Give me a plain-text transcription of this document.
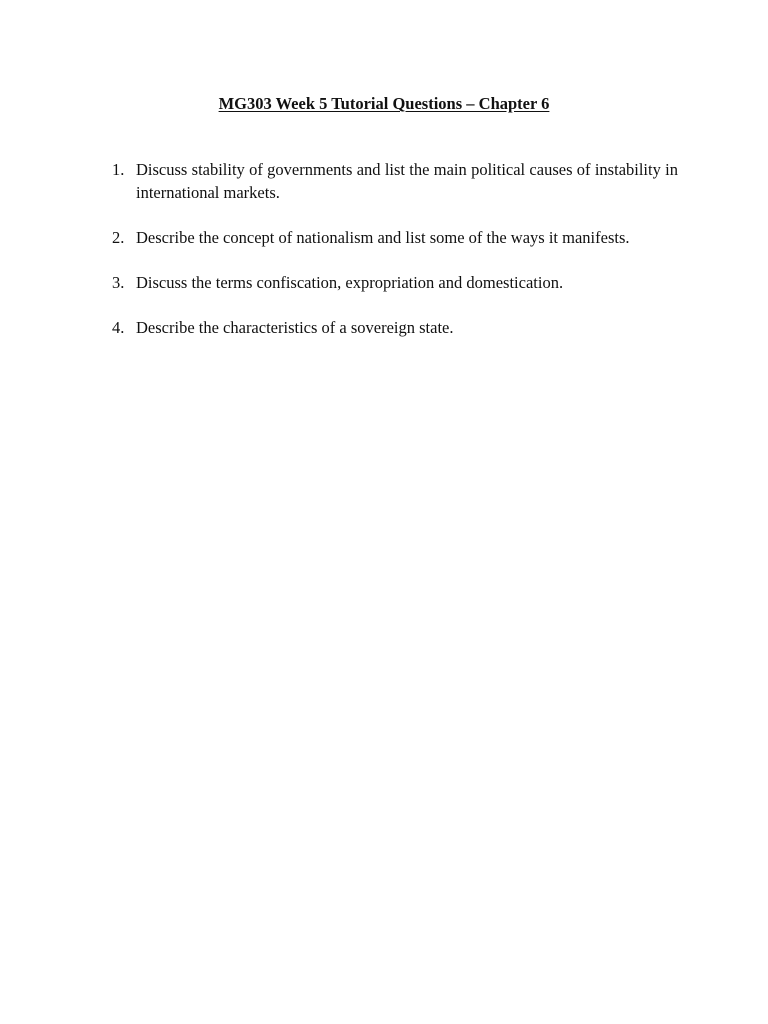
MG303 Week 5 Tutorial Questions – Chapter 6
1. Discuss stability of governments and list the main political causes of instability in international markets.
2. Describe the concept of nationalism and list some of the ways it manifests.
3. Discuss the terms confiscation, expropriation and domestication.
4. Describe the characteristics of a sovereign state.
